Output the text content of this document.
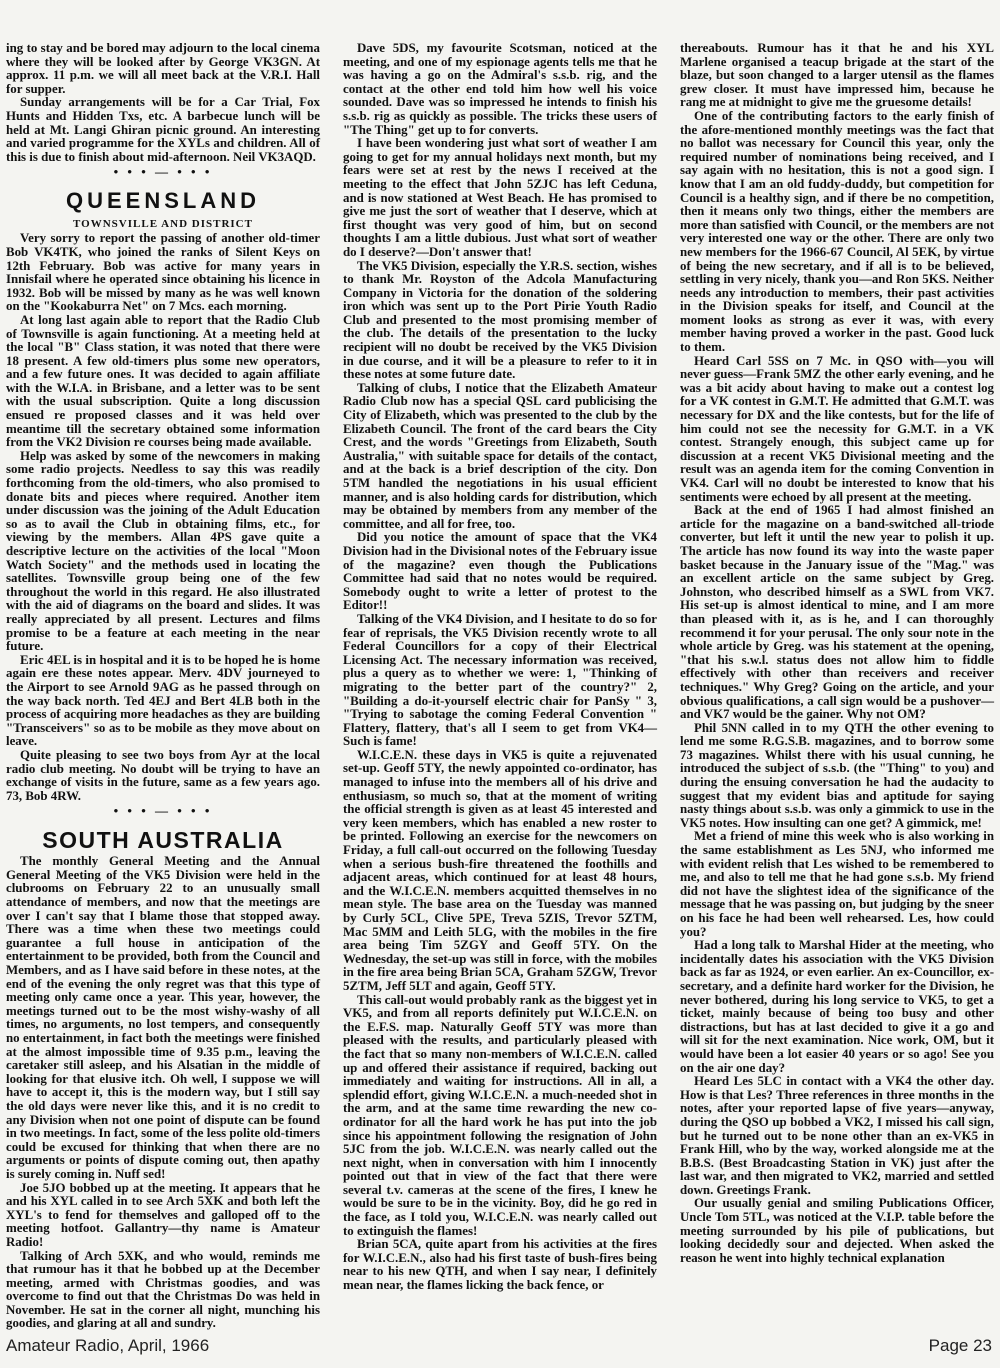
ing to stay and be bored may adjourn to the local cinema where they will be looked after by George VK3GN. At approx. 11 p.m. we will all meet back at the V.R.I. Hall for supper.

Sunday arrangements will be for a Car Trial, Fox Hunts and Hidden Txs, etc. A barbecue lunch will be held at Mt. Langi Ghiran picnic ground. An interesting and varied programme for the XYLs and children. All of this is due to finish about mid-afternoon. Neil VK3AQD.

• • • — • • •

QUEENSLAND

TOWNSVILLE AND DISTRICT

Very sorry to report the passing of another old-timer Bob VK4TK, who joined the ranks of Silent Keys on 12th February. Bob was active for many years in Innisfail where he operated since obtaining his licence in 1932. Bob will be missed by many as he was well known on the "Kookaburra Net" on 7 Mcs. each morning.

At long last again able to report that the Radio Club of Townsville is again functioning. At a meeting held at the local "B" Class station, it was noted that there were 18 present. A few old-timers plus some new operators, and a few future ones. It was decided to again affiliate with the W.I.A. in Brisbane, and a letter was to be sent with the usual subscription. Quite a long discussion ensued re proposed classes and it was held over meantime till the secretary obtained some information from the VK2 Division re courses being made available.

Help was asked by some of the newcomers in making some radio projects. Needless to say this was readily forthcoming from the old-timers, who also promised to donate bits and pieces where required. Another item under discussion was the joining of the Adult Education so as to avail the Club in obtaining films, etc., for viewing by the members. Allan 4PS gave quite a descriptive lecture on the activities of the local "Moon Watch Society" and the methods used in locating the satellites. Townsville group being one of the few throughout the world in this regard. He also illustrated with the aid of diagrams on the board and slides. It was really appreciated by all present. Lectures and films promise to be a feature at each meeting in the near future.

Eric 4EL is in hospital and it is to be hoped he is home again ere these notes appear. Merv. 4DV journeyed to the Airport to see Arnold 9AG as he passed through on the way back north. Ted 4EJ and Bert 4LB both in the process of acquiring more headaches as they are building "Transceivers" so as to be mobile as they move about on leave.

Quite pleasing to see two boys from Ayr at the local radio club meeting. No doubt will be trying to have an exchange of visits in the future, same as a few years ago. 73, Bob 4RW.

• • • — • • •

SOUTH AUSTRALIA

The monthly General Meeting and the Annual General Meeting of the VK5 Division were held in the clubrooms on February 22 to an unusually small attendance of members, and now that the meetings are over I can't say that I blame those that stopped away. There was a time when these two meetings could guarantee a full house in anticipation of the entertainment to be provided, both from the Council and Members, and as I have said before in these notes, at the end of the evening the only regret was that this type of meeting only came once a year. This year, however, the meetings turned out to be the most wishy-washy of all times, no arguments, no lost tempers, and consequently no entertainment, in fact both the meetings were finished at the almost impossible time of 9.35 p.m., leaving the caretaker still asleep, and his Alsatian in the middle of looking for that elusive itch. Oh well, I suppose we will have to accept it, this is the modern way, but I still say the old days were never like this, and it is no credit to any Division when not one point of dispute can be found in two meetings. In fact, some of the less polite old-timers could be excused for thinking that when there are no arguments or points of dispute coming out, then apathy is surely coming in. Nuff sed!

Joe 5JO bobbed up at the meeting. It appears that he and his XYL called in to see Arch 5XK and both left the XYL's to fend for themselves and galloped off to the meeting hotfoot. Gallantry—thy name is Amateur Radio!

Talking of Arch 5XK, and who would, reminds me that rumour has it that he bobbed up at the December meeting, armed with Christmas goodies, and was overcome to find out that the Christmas Do was held in November. He sat in the corner all night, munching his goodies, and glaring at all and sundry.

Dave 5DS, my favourite Scotsman, noticed at the meeting, and one of my espionage agents tells me that he was having a go on the Admiral's s.s.b. rig, and the contact at the other end told him how well his voice sounded. Dave was so impressed he intends to finish his s.s.b. rig as quickly as possible. The tricks these users of "The Thing" get up to for converts.

I have been wondering just what sort of weather I am going to get for my annual holidays next month, but my fears were set at rest by the news I received at the meeting to the effect that John 5ZJC has left Ceduna, and is now stationed at West Beach. He has promised to give me just the sort of weather that I deserve, which at first thought was very good of him, but on second thoughts I am a little dubious. Just what sort of weather do I deserve?—Don't answer that!

The VK5 Division, especially the Y.R.S. section, wishes to thank Mr. Royston of the Adcola Manufacturing Company in Victoria for the donation of the soldering iron which was sent up to the Port Pirie Youth Radio Club and presented to the most promising member of the club. The details of the presentation to the lucky recipient will no doubt be received by the VK5 Division in due course, and it will be a pleasure to refer to it in these notes at some future date.

Talking of clubs, I notice that the Elizabeth Amateur Radio Club now has a special QSL card publicising the City of Elizabeth, which was presented to the club by the Elizabeth Council. The front of the card bears the City Crest, and the words "Greetings from Elizabeth, South Australia," with suitable space for details of the contact, and at the back is a brief description of the city. Don 5TM handled the negotiations in his usual efficient manner, and is also holding cards for distribution, which may be obtained by members from any member of the committee, and all for free, too.

Did you notice the amount of space that the VK4 Division had in the Divisional notes of the February issue of the magazine? even though the Publications Committee had said that no notes would be required. Somebody ought to write a letter of protest to the Editor!!

Talking of the VK4 Division, and I hesitate to do so for fear of reprisals, the VK5 Division recently wrote to all Federal Councillors for a copy of their Electrical Licensing Act. The necessary information was received, plus a query as to whether we were: 1, "Thinking of migrating to the better part of the country?" 2, "Building a do-it-yourself electric chair for PanSy " 3, "Trying to sabotage the coming Federal Convention " Flattery, flattery, that's all I seem to get from VK4—Such is fame!

W.I.C.E.N. these days in VK5 is quite a rejuvenated set-up. Geoff 5TY, the newly appointed co-ordinator, has managed to infuse into the members all of his drive and enthusiasm, so much so, that at the moment of writing the official strength is given as at least 45 interested and very keen members, which has enabled a new roster to be printed. Following an exercise for the newcomers on Friday, a full call-out occurred on the following Tuesday when a serious bush-fire threatened the foothills and adjacent areas, which continued for at least 48 hours, and the W.I.C.E.N. members acquitted themselves in no mean style. The base area on the Tuesday was manned by Curly 5CL, Clive 5PE, Treva 5ZIS, Trevor 5ZTM, Mac 5MM and Leith 5LG, with the mobiles in the fire area being Tim 5ZGY and Geoff 5TY. On the Wednesday, the set-up was still in force, with the mobiles in the fire area being Brian 5CA, Graham 5ZGW, Trevor 5ZTM, Jeff 5LT and again, Geoff 5TY.

This call-out would probably rank as the biggest yet in VK5, and from all reports definitely put W.I.C.E.N. on the E.F.S. map. Naturally Geoff 5TY was more than pleased with the results, and particularly pleased with the fact that so many non-members of W.I.C.E.N. called up and offered their assistance if required, backing out immediately and waiting for instructions. All in all, a splendid effort, giving W.I.C.E.N. a much-needed shot in the arm, and at the same time rewarding the new co-ordinator for all the hard work he has put into the job since his appointment following the resignation of John 5JC from the job. W.I.C.E.N. was nearly called out the next night, when in conversation with him I innocently pointed out that in view of the fact that there were several t.v. cameras at the scene of the fires, I knew he would be sure to be in the vicinity. Boy, did he go red in the face, as I told you, W.I.C.E.N. was nearly called out to extinguish the flames!

Brian 5CA, quite apart from his activities at the fires for W.I.C.E.N., also had his first taste of bush-fires being near to his new QTH, and when I say near, I definitely mean near, the flames licking the back fence, or

thereabouts. Rumour has it that he and his XYL Marlene organised a teacup brigade at the start of the blaze, but soon changed to a larger utensil as the flames grew closer. It must have impressed him, because he rang me at midnight to give me the gruesome details!

One of the contributing factors to the early finish of the afore-mentioned monthly meetings was the fact that no ballot was necessary for Council this year, only the required number of nominations being received, and I say again with no hesitation, this is not a good sign. I know that I am an old fuddy-duddy, but competition for Council is a healthy sign, and if there be no competition, then it means only two things, either the members are more than satisfied with Council, or the members are not very interested one way or the other. There are only two new members for the 1966-67 Council, Al 5EK, by virtue of being the new secretary, and if all is to be believed, settling in very nicely, thank you—and Ron 5KS. Neither needs any introduction to members, their past activities in the Division speaks for itself, and Council at the moment looks as strong as ever it was, with every member having proved a worker in the past. Good luck to them.

Heard Carl 5SS on 7 Mc. in QSO with—you will never guess—Frank 5MZ the other early evening, and he was a bit acidy about having to make out a contest log for a VK contest in G.M.T. He admitted that G.M.T. was necessary for DX and the like contests, but for the life of him could not see the necessity for G.M.T. in a VK contest. Strangely enough, this subject came up for discussion at a recent VK5 Divisional meeting and the result was an agenda item for the coming Convention in VK4. Carl will no doubt be interested to know that his sentiments were echoed by all present at the meeting.

Back at the end of 1965 I had almost finished an article for the magazine on a band-switched all-triode converter, but left it until the new year to polish it up. The article has now found its way into the waste paper basket because in the January issue of the "Mag." was an excellent article on the same subject by Greg. Johnston, who described himself as a SWL from VK7. His set-up is almost identical to mine, and I am more than pleased with it, as is he, and I can thoroughly recommend it for your perusal. The only sour note in the whole article by Greg. was his statement at the opening, "that his s.w.l. status does not allow him to fiddle effectively with other than receivers and receiver techniques." Why Greg? Going on the article, and your obvious qualifications, a call sign would be a pushover—and VK7 would be the gainer. Why not OM?

Phil 5NN called in to my QTH the other evening to lend me some R.G.S.B. magazines, and to borrow some 73 magazines. Whilst there with his usual cunning, he introduced the subject of s.s.b. (the "Thing" to you) and during the ensuing conversation he had the audacity to suggest that my evident bias and aptitude for saying nasty things about s.s.b. was only a gimmick to use in the VK5 notes. How insulting can one get? A gimmick, me!

Met a friend of mine this week who is also working in the same establishment as Les 5NJ, who informed me with evident relish that Les wished to be remembered to me, and also to tell me that he had gone s.s.b. My friend did not have the slightest idea of the significance of the message that he was passing on, but judging by the sneer on his face he had been well rehearsed. Les, how could you?

Had a long talk to Marshal Hider at the meeting, who incidentally dates his association with the VK5 Division back as far as 1924, or even earlier. An ex-Councillor, ex-secretary, and a definite hard worker for the Division, he never bothered, during his long service to VK5, to get a ticket, mainly because of being too busy and other distractions, but has at last decided to give it a go and will sit for the next examination. Nice work, OM, but it would have been a lot easier 40 years or so ago! See you on the air one day?

Heard Les 5LC in contact with a VK4 the other day. How is that Les? Three references in three months in the notes, after your reported lapse of five years—anyway, during the QSO up bobbed a VK2, I missed his call sign, but he turned out to be none other than an ex-VK5 in Frank Hill, who by the way, worked alongside me at the B.B.S. (Best Broadcasting Station in VK) just after the last war, and then migrated to VK2, married and settled down. Greetings Frank.

Our usually genial and smiling Publications Officer, Uncle Tom 5TL, was noticed at the V.I.P. table before the meeting surrounded by his pile of publications, but looking decidedly sour and dejected. When asked the reason he went into highly technical explanation

Amateur Radio, April, 1966	Page 23
